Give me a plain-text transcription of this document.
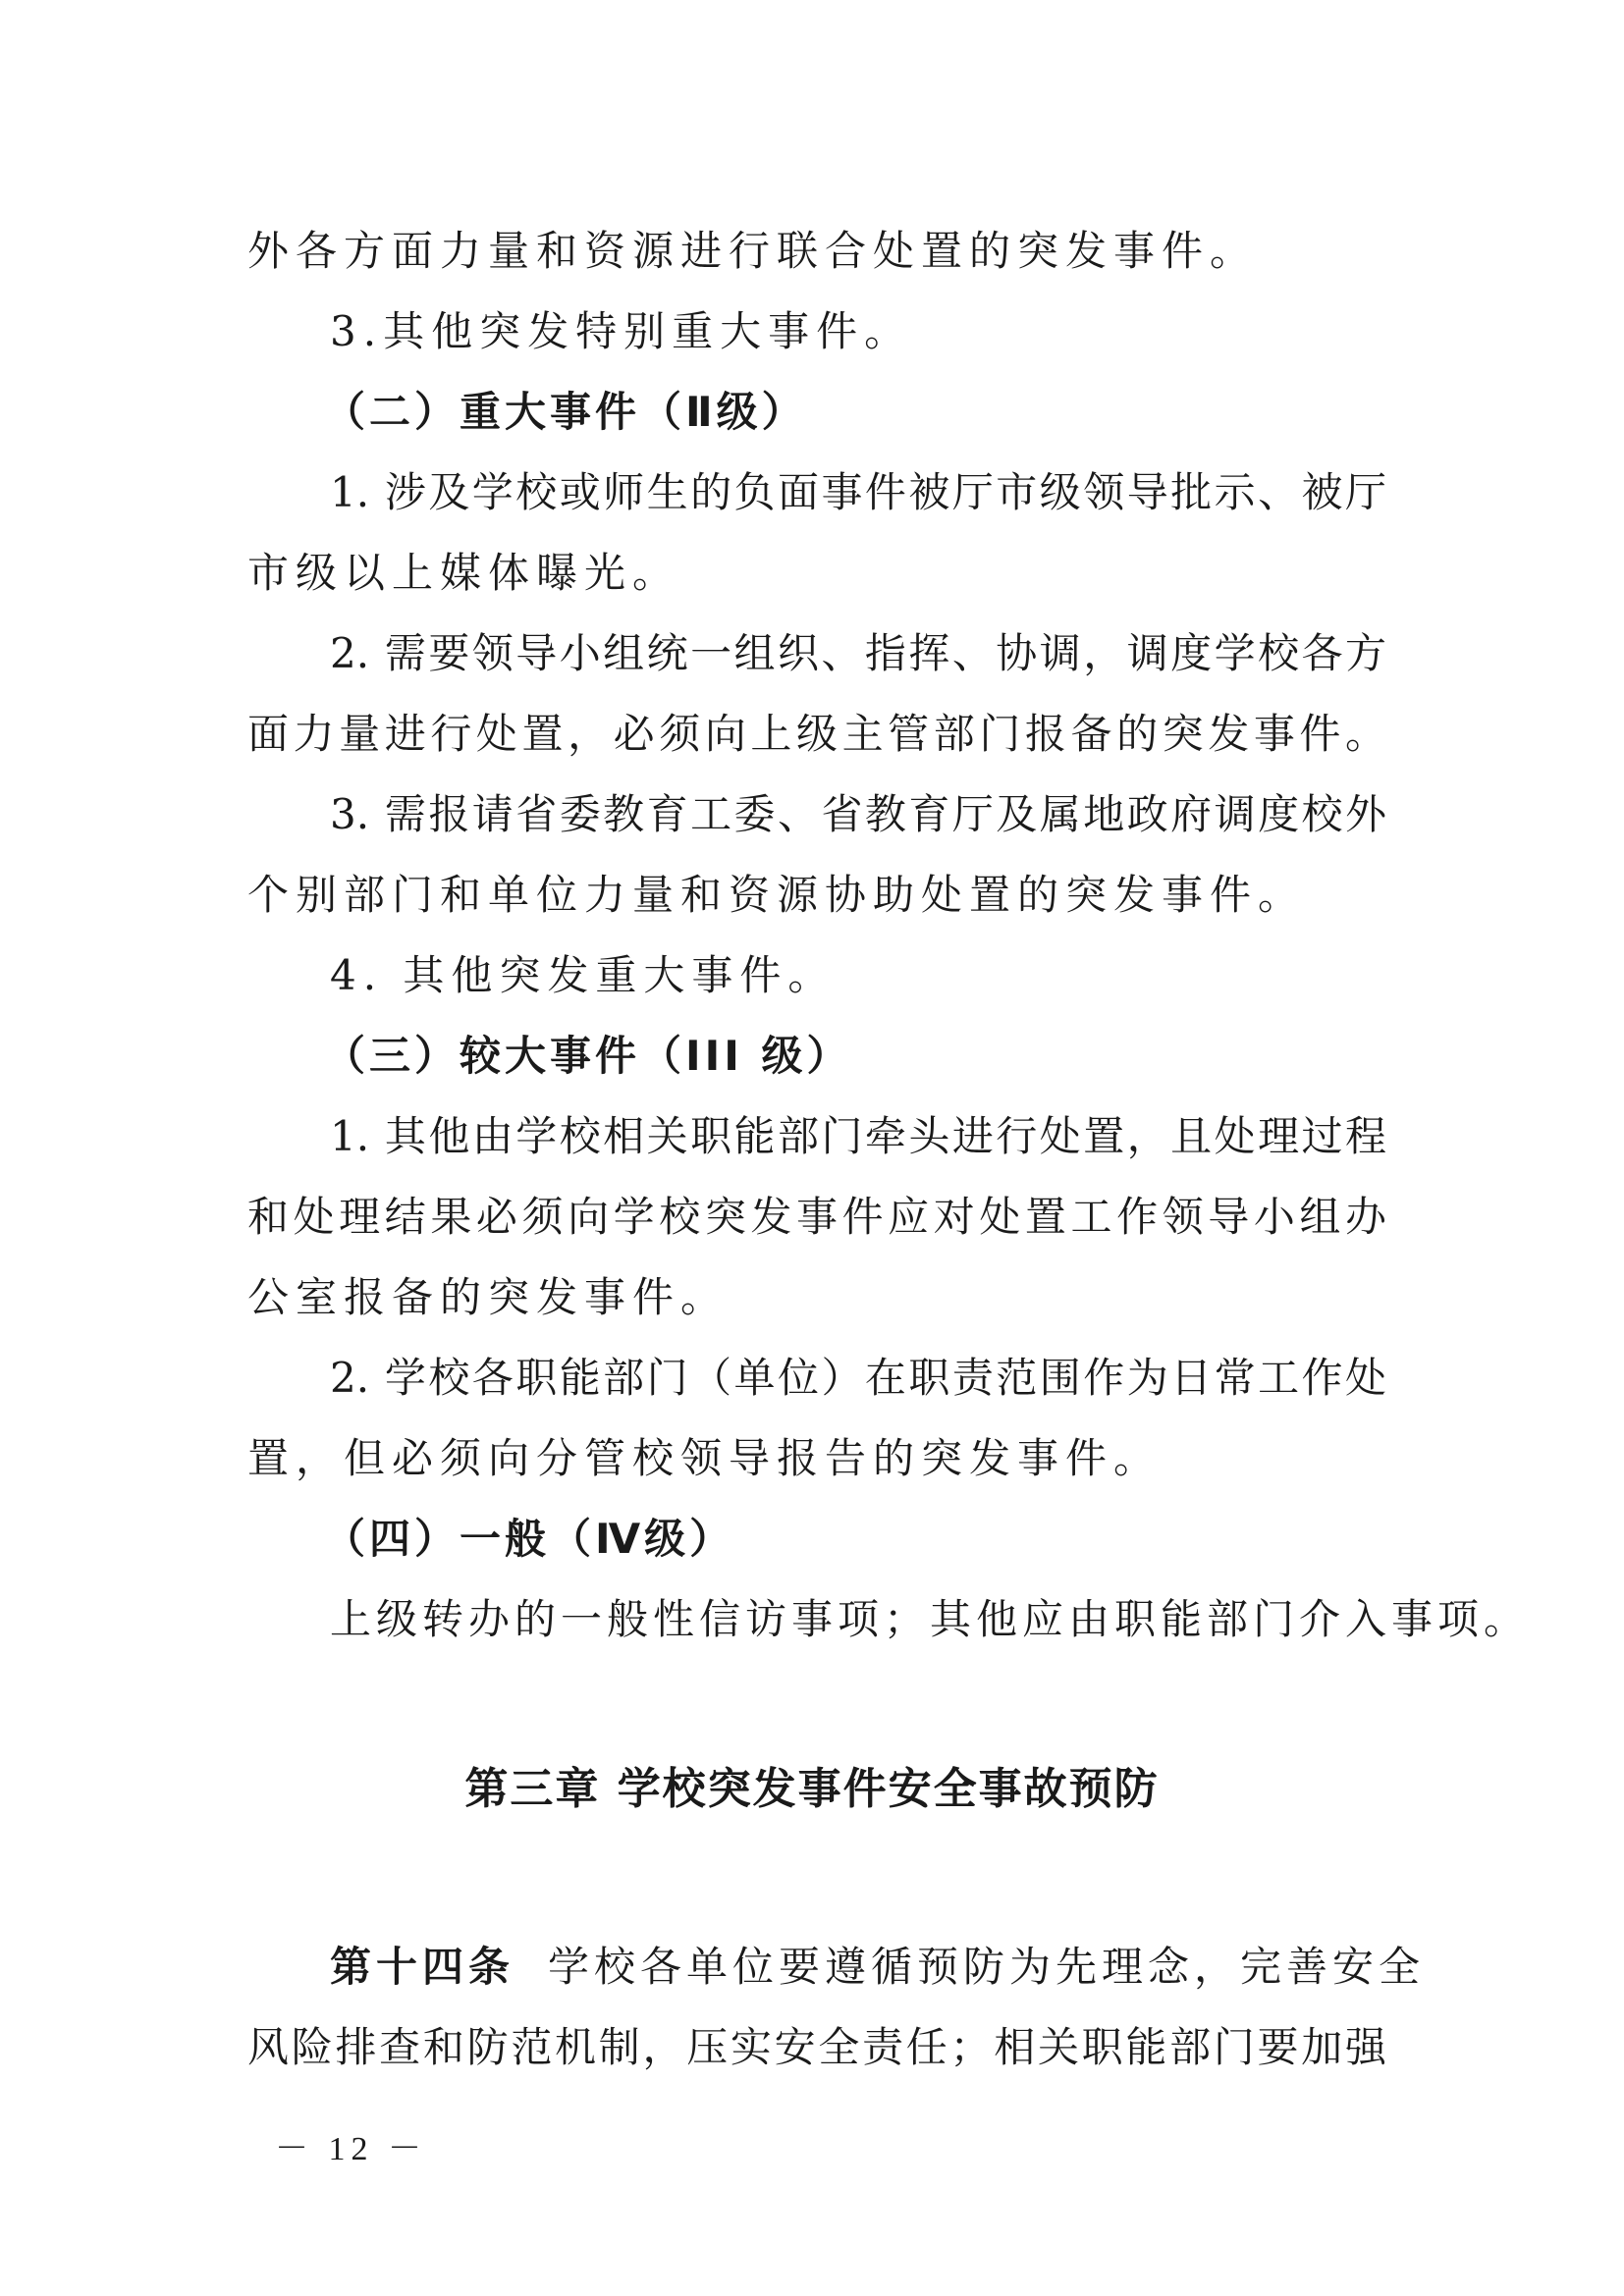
外各方面力量和资源进行联合处置的突发事件。
3.其他突发特别重大事件。
（二）重大事件（Ⅱ级）
1. 涉及学校或师生的负面事件被厅市级领导批示、被厅
市级以上媒体曝光。
2. 需要领导小组统一组织、指挥、协调，调度学校各方
面力量进行处置，必须向上级主管部门报备的突发事件。
3. 需报请省委教育工委、省教育厅及属地政府调度校外
个别部门和单位力量和资源协助处置的突发事件。
4. 其他突发重大事件。
（三）较大事件（III 级）
1. 其他由学校相关职能部门牵头进行处置，且处理过程
和处理结果必须向学校突发事件应对处置工作领导小组办
公室报备的突发事件。
2. 学校各职能部门（单位）在职责范围作为日常工作处
置，但必须向分管校领导报告的突发事件。
（四）一般（Ⅳ级）
上级转办的一般性信访事项；其他应由职能部门介入事项。
第三章 学校突发事件安全事故预防
第十四条 学校各单位要遵循预防为先理念，完善安全
风险排查和防范机制，压实安全责任；相关职能部门要加强
－ 12 －
